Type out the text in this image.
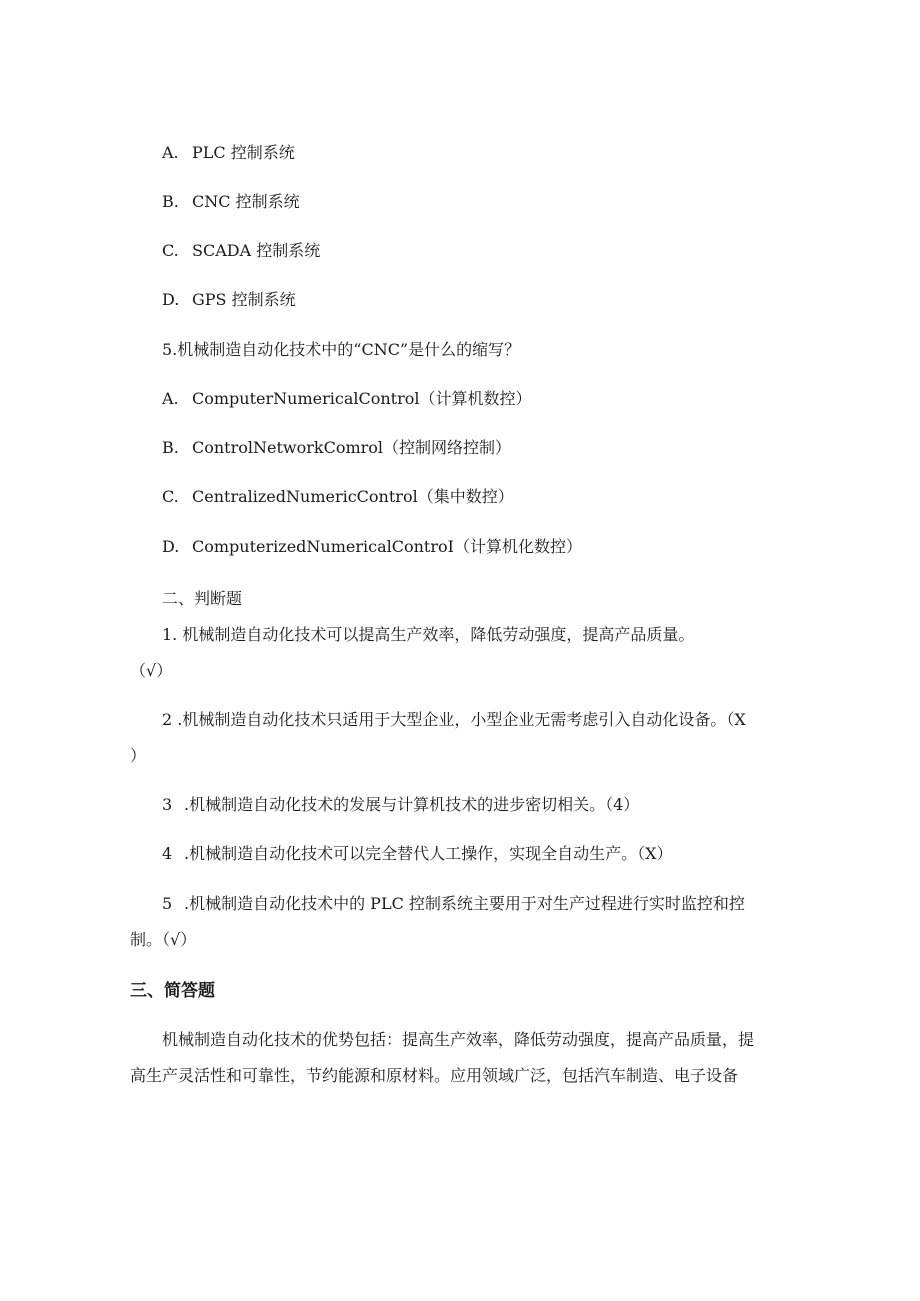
A. PLC 控制系统
B. CNC 控制系统
C. SCADA 控制系统
D. GPS 控制系统
5.机械制造自动化技术中的“CNC”是什么的缩写？
A. ComputerNumericalControl（计算机数控）
B. ControlNetworkComrol（控制网络控制）
C. CentralizedNumericControl（集中数控）
D. ComputerizedNumericalControI（计算机化数控）
二、判断题
1. 机械制造自动化技术可以提高生产效率，降低劳动强度，提高产品质量。
（√）
2 .机械制造自动化技术只适用于大型企业，小型企业无需考虑引入自动化设备。（X
）
3 .机械制造自动化技术的发展与计算机技术的进步密切相关。（4）
4 .机械制造自动化技术可以完全替代人工操作，实现全自动生产。（X）
5 .机械制造自动化技术中的 PLC 控制系统主要用于对生产过程进行实时监控和控
制。（√）
三、简答题
机械制造自动化技术的优势包括：提高生产效率，降低劳动强度，提高产品质量，提
高生产灵活性和可靠性，节约能源和原材料。应用领域广泛，包括汽车制造、电子设备
